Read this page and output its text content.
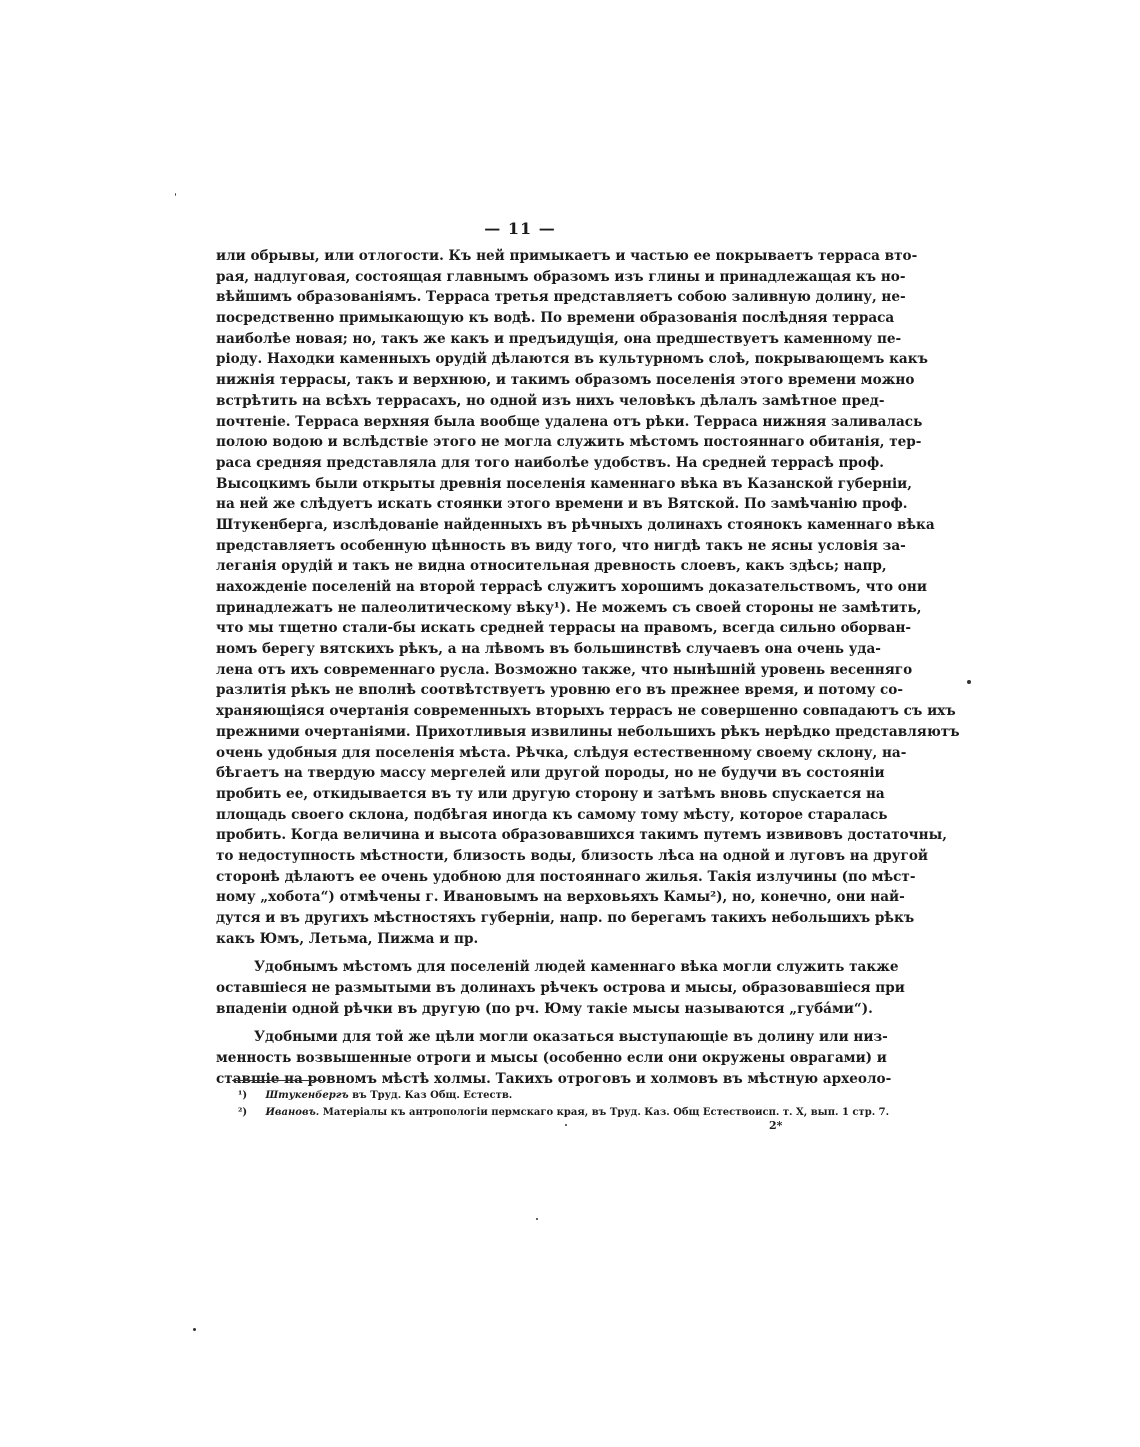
— 11 —
или обрывы, или отлогости. Къ ней примыкаетъ и частью ее покрываетъ терраса вто-
рая, надлуговая, состоящая главнымъ образомъ изъ глины и принадлежащая къ но-
вѣйшимъ образованiямъ. Терраса третья представляетъ собою заливную долину, не-
посредственно примыкающую къ водѣ. По времени образованiя послѣдняя терраса
наиболѣе новая; но, такъ же какъ и предъидущiя, она предшествуетъ каменному пе-
рiоду. Находки каменныхъ орудiй дѣлаются въ культурномъ слоѣ, покрывающемъ какъ
нижнiя террасы, такъ и верхнюю, и такимъ образомъ поселенiя этого времени можно
встрѣтить на всѣхъ террасахъ, но одной изъ нихъ человѣкъ дѣлалъ замѣтное пред-
почтенiе. Терраса верхняя была вообще удалена отъ рѣки. Терраса нижняя заливалась
полою водою и вслѣдствiе этого не могла служить мѣстомъ постояннаго обитанiя, тер-
раса средняя представляла для того наиболѣе удобствъ. На средней террасѣ проф.
Высоцкимъ были открыты древнiя поселенiя каменнаго вѣка въ Казанской губернiи,
на ней же слѣдуетъ искать стоянки этого времени и въ Вятской. По замѣчанiю проф.
Штукенберга, изслѣдованiе найденныхъ въ рѣчныхъ долинахъ стоянокъ каменнаго вѣка
представляетъ особенную цѣнность въ виду того, что нигдѣ такъ не ясны условiя за-
леганiя орудiй и такъ не видна относительная древность слоевъ, какъ здѣсь; напр,
нахожденiе поселенiй на второй террасѣ служитъ хорошимъ доказательствомъ, что они
принадлежатъ не палеолитическому вѣку¹). Не можемъ съ своей стороны не замѣтить,
что мы тщетно стали-бы искать средней террасы на правомъ, всегда сильно оборван-
номъ берегу вятскихъ рѣкъ, а на лѣвомъ въ большинствѣ случаевъ она очень уда-
лена отъ ихъ современнаго русла. Возможно также, что нынѣшнiй уровень весенняго
разлитiя рѣкъ не вполнѣ соотвѣтствуетъ уровню его въ прежнее время, и потому со-
храняющiяся очертанiя современныхъ вторыхъ террасъ не совершенно совпадаютъ съ ихъ
прежними очертанiями. Прихотливыя извилины небольшихъ рѣкъ нерѣдко представляютъ
очень удобныя для поселенiя мѣста. Рѣчка, слѣдуя естественному своему склону, на-
бѣгаетъ на твердую массу мергелей или другой породы, но не будучи въ состоянiи
пробить ее, откидывается въ ту или другую сторону и затѣмъ вновь спускается на
площадь своего склона, подбѣгая иногда къ самому тому мѣсту, которое старалась
пробить. Когда величина и высота образовавшихся такимъ путемъ извивовъ достаточны,
то недоступность мѣстности, близость воды, близость лѣса на одной и луговъ на другой
сторонѣ дѣлаютъ ее очень удобною для постояннаго жилья. Такiя излучины (по мѣст-
ному „хобота“) отмѣчены г. Ивановымъ на верховьяхъ Камы²), но, конечно, они най-
дутся и въ другихъ мѣстностяхъ губернiи, напр. по берегамъ такихъ небольшихъ рѣкъ
какъ Юмъ, Летьма, Пижма и пр.
Удобнымъ мѣстомъ для поселенiй людей каменнаго вѣка могли служить также
оставшiеся не размытыми въ долинахъ рѣчекъ острова и мысы, образовавшiеся при
впаденiи одной рѣчки въ другую (по рч. Юму такiе мысы называются „губáми“).
Удобными для той же цѣли могли оказаться выступающiе въ долину или низ-
менность возвышенные отроги и мысы (особенно если они окружены оврагами) и
ставшiе на ровномъ мѣстѣ холмы. Такихъ отроговъ и холмовъ въ мѣстную археоло-
¹) Штукенбергъ въ Труд. Каз Общ. Естеств.
²) Ивановъ. Матерiалы къ антропологiи пермскаго края, въ Труд. Каз. Общ Естествоисп. т. X, вып. 1 стр. 7.
2*
